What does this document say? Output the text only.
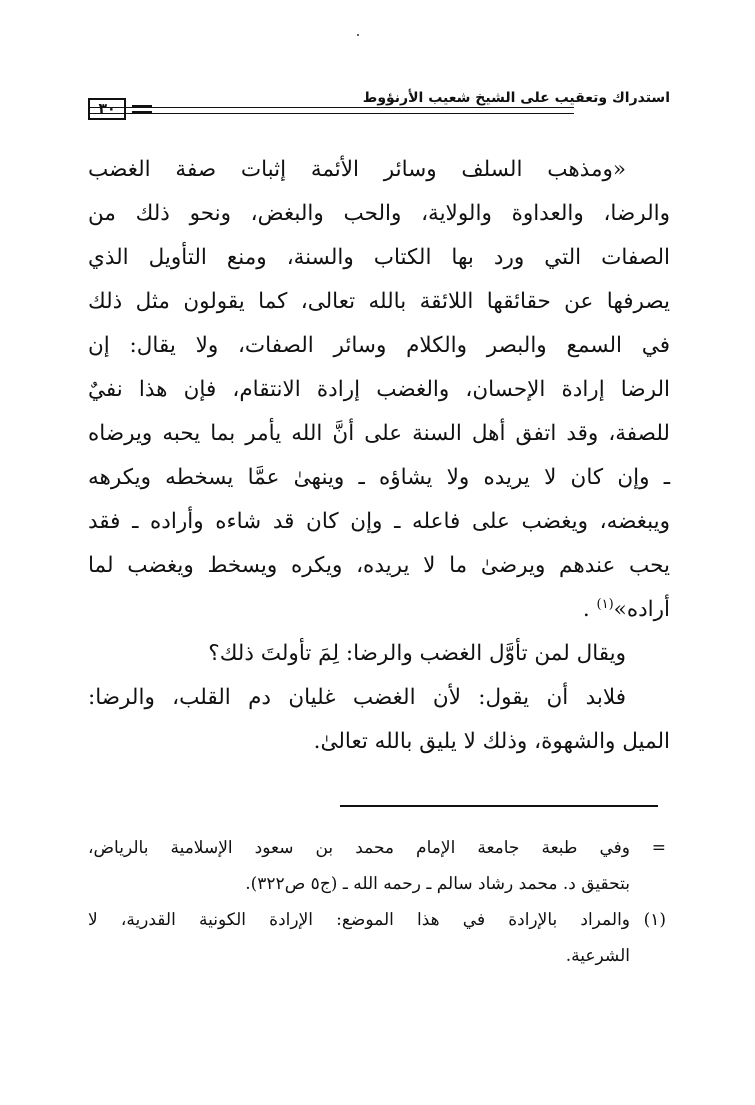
استدراك وتعقيب على الشيخ شعيب الأرنؤوط
٣٠
«ومذهب السلف وسائر الأئمة إثبات صفة الغضب
والرضا، والعداوة والولاية، والحب والبغض، ونحو ذلك من
الصفات التي ورد بها الكتاب والسنة، ومنع التأويل الذي
يصرفها عن حقائقها اللائقة بالله تعالى، كما يقولون مثل ذلك
في السمع والبصر والكلام وسائر الصفات، ولا يقال: إن
الرضا إرادة الإحسان، والغضب إرادة الانتقام، فإن هذا نفيٌ
للصفة، وقد اتفق أهل السنة على أنَّ الله يأمر بما يحبه ويرضاه
ـ وإن كان لا يريده ولا يشاؤه ـ وينهىٰ عمَّا يسخطه ويكرهه
ويبغضه، ويغضب على فاعله ـ وإن كان قد شاءه وأراده ـ فقد
يحب عندهم ويرضىٰ ما لا يريده، ويكره ويسخط ويغضب لما
أراده»$^{(١)}$ .
ويقال لمن تأوَّل الغضب والرضا: لِمَ تأولتَ ذلك؟
فلابد أن يقول: لأن الغضب غليان دم القلب، والرضا:
الميل والشهوة، وذلك لا يليق بالله تعالىٰ.
=
وفي طبعة جامعة الإمام محمد بن سعود الإسلامية بالرياض،
بتحقيق د. محمد رشاد سالم ـ رحمه الله ـ (ج٥ ص٣٢٢).
(١)
والمراد بالإرادة في هذا الموضع: الإرادة الكونية القدرية، لا
الشرعية.
